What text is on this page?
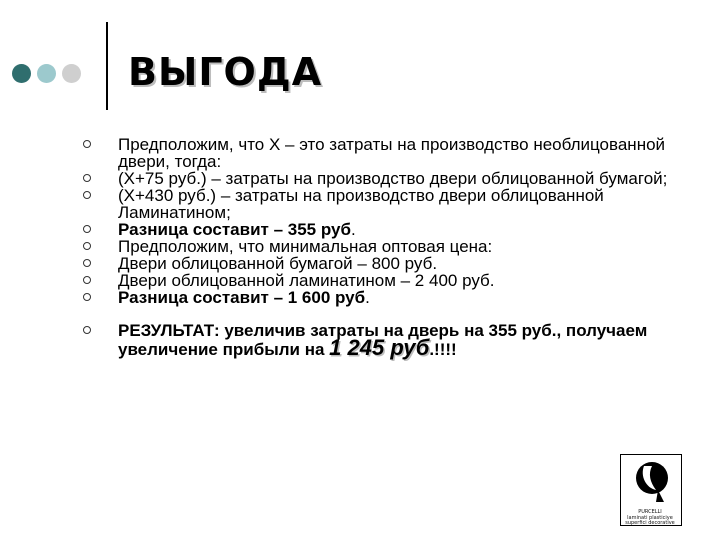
ВЫГОДА
Предположим, что Х – это затраты на производство необлицованной двери, тогда:
(Х+75 руб.) – затраты на производство двери облицованной бумагой;
(Х+430 руб.) – затраты на производство двери облицованной Ламинатином;
Разница составит – 355 руб.
Предположим, что минимальная оптовая цена:
Двери облицованной бумагой – 800 руб.
Двери облицованной ламинатином – 2 400 руб.
Разница составит – 1 600 руб.
РЕЗУЛЬТАТ: увеличив затраты на дверь на 355 руб., получаем увеличение прибыли на 1 245 руб.!!!!
PURCELLI
laminati plasticiye
superfici decorative
